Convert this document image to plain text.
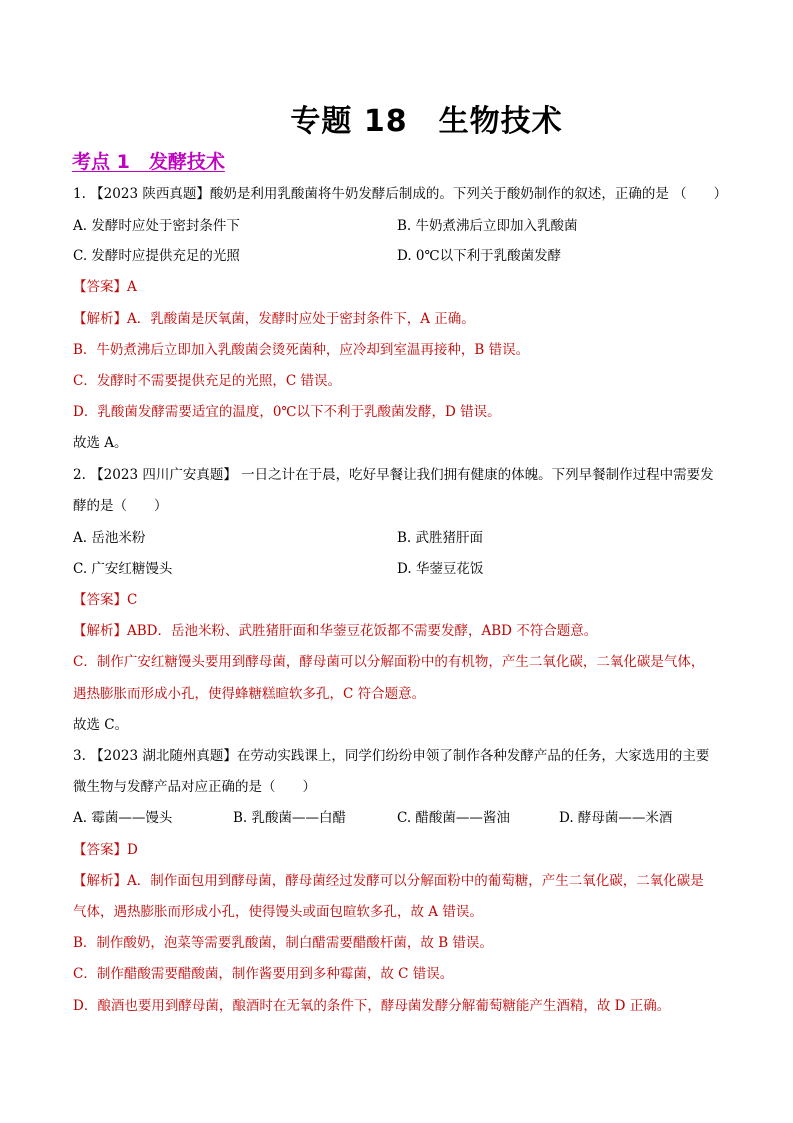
专题 18　生物技术
考点 1　发酵技术
1. 【2023 陕西真题】酸奶是利用乳酸菌将牛奶发酵后制成的。下列关于酸奶制作的叙述，正确的是 （　　）
A. 发酵时应处于密封条件下	B. 牛奶煮沸后立即加入乳酸菌
C. 发酵时应提供充足的光照	D. 0℃以下利于乳酸菌发酵
【答案】A
【解析】A．乳酸菌是厌氧菌，发酵时应处于密封条件下，A 正确。
B．牛奶煮沸后立即加入乳酸菌会烫死菌种，应冷却到室温再接种，B 错误。
C．发酵时不需要提供充足的光照，C 错误。
D．乳酸菌发酵需要适宜的温度，0℃以下不利于乳酸菌发酵，D 错误。
故选 A。
2. 【2023 四川广安真题】 一日之计在于晨，吃好早餐让我们拥有健康的体魄。下列早餐制作过程中需要发
酵的是（　　）
A. 岳池米粉	B. 武胜猪肝面
C. 广安红糖馒头	D. 华蓥豆花饭
【答案】C
【解析】ABD．岳池米粉、武胜猪肝面和华蓥豆花饭都不需要发酵，ABD 不符合题意。
C．制作广安红糖馒头要用到酵母菌，酵母菌可以分解面粉中的有机物，产生二氧化碳，二氧化碳是气体，
遇热膨胀而形成小孔，使得蜂糖糕暄软多孔，C 符合题意。
故选 C。
3. 【2023 湖北随州真题】在劳动实践课上，同学们纷纷申领了制作各种发酵产品的任务，大家选用的主要
微生物与发酵产品对应正确的是（　　）
A. 霉菌——馒头	B. 乳酸菌——白醋	C. 醋酸菌——酱油	D. 酵母菌——米酒
【答案】D
【解析】A．制作面包用到酵母菌，酵母菌经过发酵可以分解面粉中的葡萄糖，产生二氧化碳，二氧化碳是
气体，遇热膨胀而形成小孔，使得馒头或面包暄软多孔，故 A 错误。
B．制作酸奶，泡菜等需要乳酸菌，制白醋需要醋酸杆菌，故 B 错误。
C．制作醋酸需要醋酸菌，制作酱要用到多种霉菌，故 C 错误。
D．酿酒也要用到酵母菌，酿酒时在无氧的条件下，酵母菌发酵分解葡萄糖能产生酒精，故 D 正确。
